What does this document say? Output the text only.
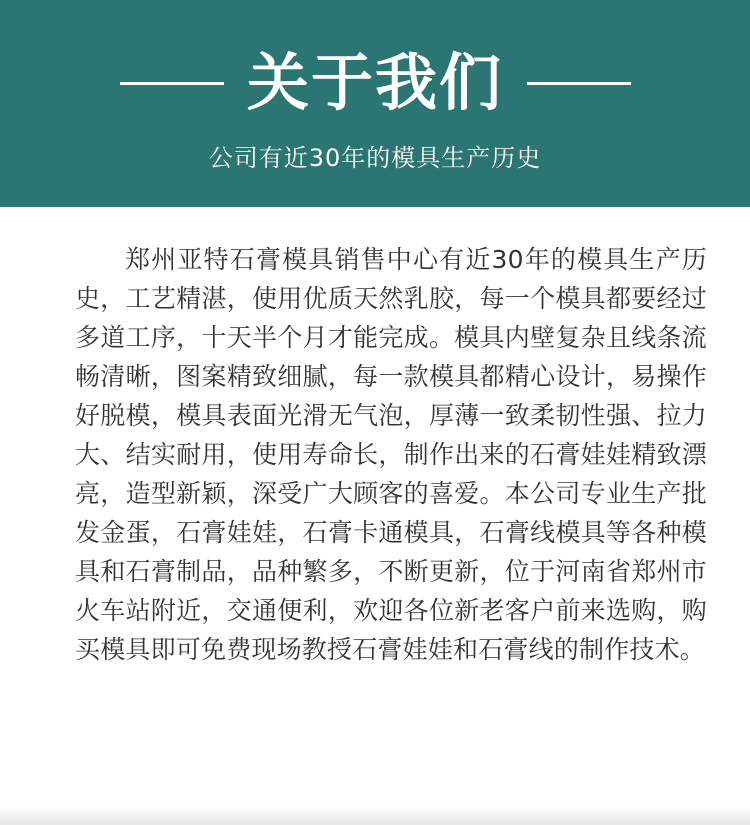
关于我们
公司有近30年的模具生产历史

郑州亚特石膏模具销售中心有近30年的模具生产历史，工艺精湛，使用优质天然乳胶，每一个模具都要经过多道工序，十天半个月才能完成。模具内壁复杂且线条流畅清晰，图案精致细腻，每一款模具都精心设计，易操作好脱模，模具表面光滑无气泡，厚薄一致柔韧性强、拉力大、结实耐用，使用寿命长，制作出来的石膏娃娃精致漂亮，造型新颖，深受广大顾客的喜爱。本公司专业生产批发金蛋，石膏娃娃，石膏卡通模具，石膏线模具等各种模具和石膏制品，品种繁多，不断更新，位于河南省郑州市火车站附近，交通便利，欢迎各位新老客户前来选购，购买模具即可免费现场教授石膏娃娃和石膏线的制作技术。
